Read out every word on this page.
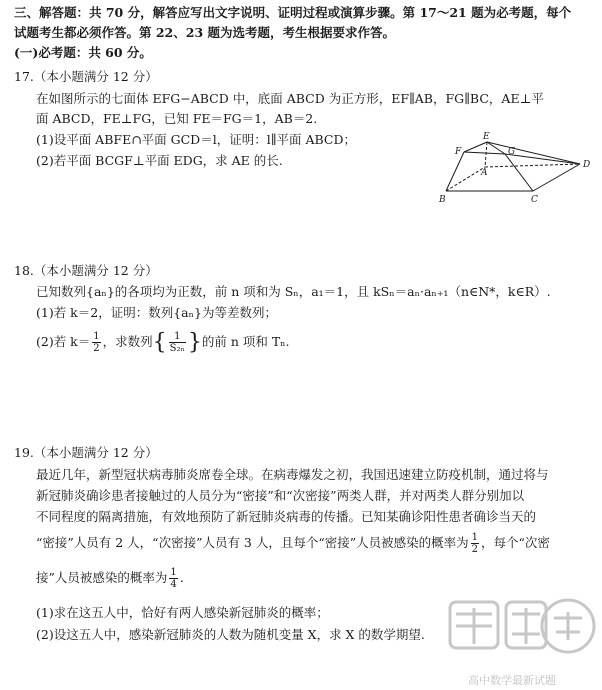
三、解答题：共 70 分，解答应写出文字说明、证明过程或演算步骤。第 17～21 题为必考题，每个
试题考生都必须作答。第 22、23 题为选考题，考生根据要求作答。
(一)必考题：共 60 分。
17.（本小题满分 12 分）
在如图所示的七面体 EFG−ABCD 中，底面 ABCD 为正方形，EF∥AB，FG∥BC，AE⊥平
面 ABCD，FE⊥FG，已知 FE＝FG＝1，AB＝2.
(1)设平面 ABFE∩平面 GCD＝l，证明：l∥平面 ABCD；
(2)若平面 BCGF⊥平面 EDG，求 AE 的长.
E
F	G
A
B	C
D
18.（本小题满分 12 分）
已知数列{aₙ}的各项均为正数，前 n 项和为 Sₙ，a₁＝1，且 kSₙ＝aₙ·aₙ₊₁（n∈N*，k∈R）.
(1)若 k＝2，证明：数列{aₙ}为等差数列；
(2)若 $k= \frac{1}{2}$ ，求数列{ $\frac{1}{\text{S₂ₙ}}$ }的前 n 项和 Tₙ.
19.（本小题满分 12 分）
最近几年，新型冠状病毒肺炎席卷全球。在病毒爆发之初，我国迅速建立防疫机制，通过将与
新冠肺炎确诊患者接触过的人员分为“密接”和“次密接”两类人群，并对两类人群分别加以
不同程度的隔离措施，有效地预防了新冠肺炎病毒的传播。已知某确诊阳性患者确诊当天的
“密接”人员有 2 人，“次密接”人员有 3 人，且每个“密接”人员被感染的概率为 $\frac{1}{2}$ ，每个“次密
接”人员被感染的概率为 $\frac{1}{4}$ .
(1)求在这五人中，恰好有两人感染新冠肺炎的概率；
(2)设这五人中，感染新冠肺炎的人数为随机变量 X，求 X 的数学期望.
高中数学最新试题
